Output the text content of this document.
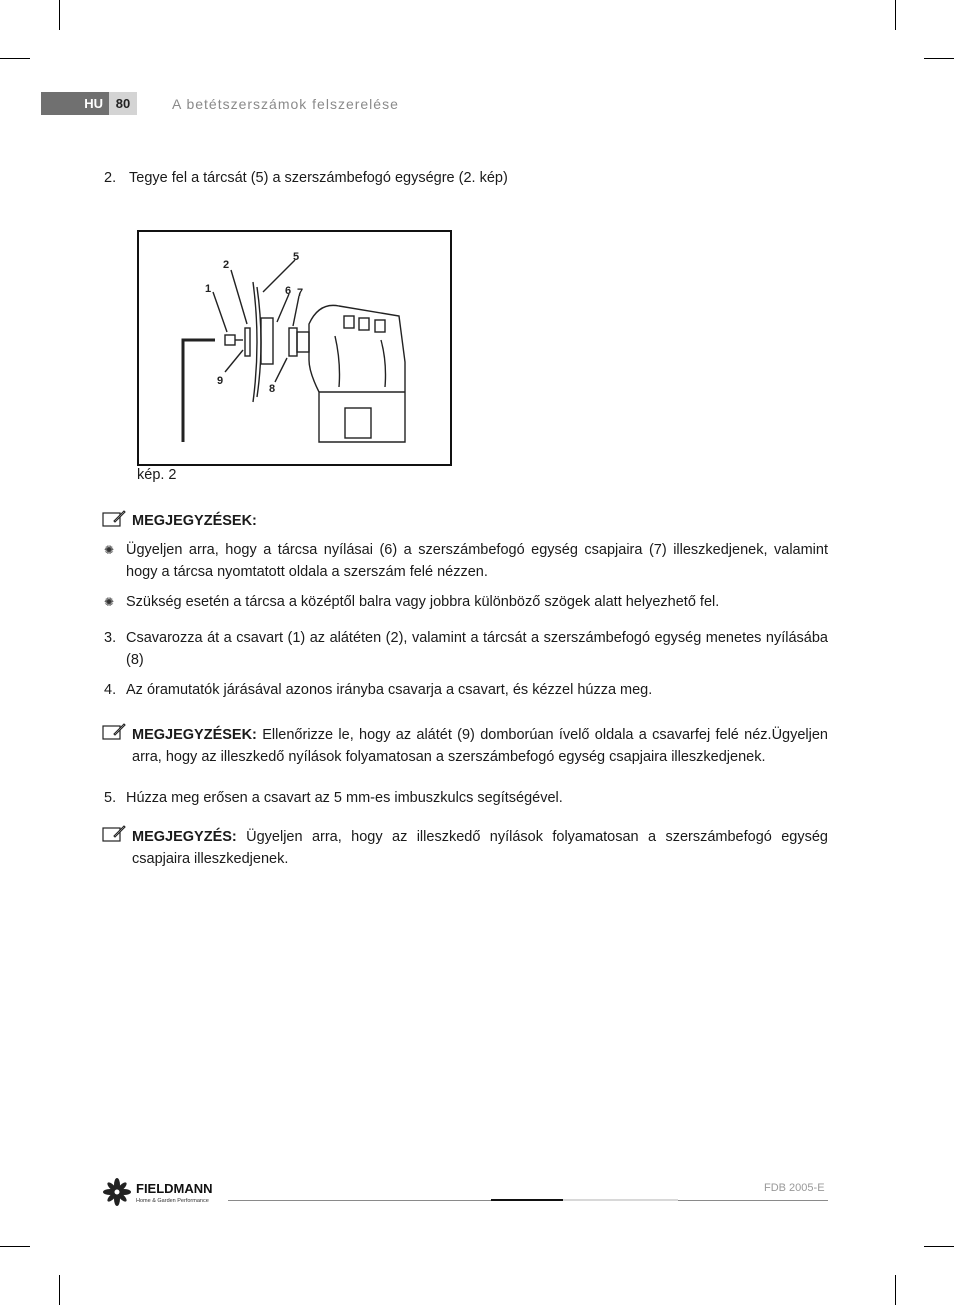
HU 80	A betétszerszámok felszerelése
2. Tegye fel a tárcsát (5) a szerszámbefogó egységre (2. kép)
1
2
5
6 7
9
8
kép. 2
MEGJEGYZÉSEK:
✺ Ügyeljen arra, hogy a tárcsa nyílásai (6) a szerszámbefogó egység csapjaira (7) illeszkedjenek, valamint hogy a tárcsa nyomtatott oldala a szerszám felé nézzen.
✺ Szükség esetén a tárcsa a középtől balra vagy jobbra különböző szögek alatt helyezhető fel.
3. Csavarozza át a csavart (1) az alátéten (2), valamint a tárcsát a szerszámbefogó egység menetes nyílásába (8)
4. Az óramutatók járásával azonos irányba csavarja a csavart, és kézzel húzza meg.
MEGJEGYZÉSEK: Ellenőrizze le, hogy az alátét (9) domborúan ívelő oldala a csavarfej felé néz.Ügyeljen arra, hogy az illeszkedő nyílások folyamatosan a szerszámbefogó egység csapjaira illeszkedjenek.
5. Húzza meg erősen a csavart az 5 mm-es imbuszkulcs segítségével.
MEGJEGYZÉS: Ügyeljen arra, hogy az illeszkedő nyílások folyamatosan a szerszámbefogó egység csapjaira illeszkedjenek.
FIELDMANN
Home & Garden Performance
FDB 2005-E
